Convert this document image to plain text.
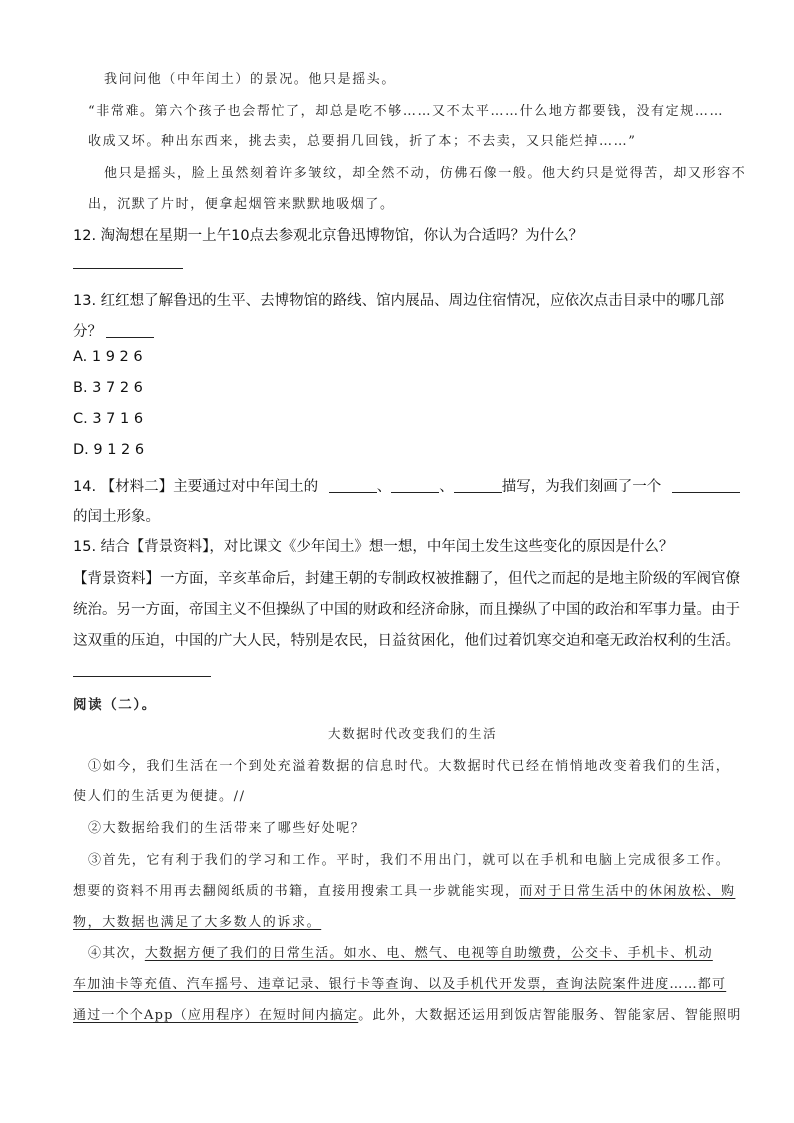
我问问他（中年闰土）的景况。他只是摇头。
“非常难。第六个孩子也会帮忙了，却总是吃不够……又不太平……什么地方都要钱，没有定规……
收成又坏。种出东西来，挑去卖，总要捐几回钱，折了本；不去卖，又只能烂掉……”
他只是摇头，脸上虽然刻着许多皱纹，却全然不动，仿佛石像一般。他大约只是觉得苦，却又形容不
出，沉默了片时，便拿起烟管来默默地吸烟了。
12. 淘淘想在星期一上午10点去参观北京鲁迅博物馆，你认为合适吗？为什么？
13. 红红想了解鲁迅的生平、去博物馆的路线、馆内展品、周边住宿情况，应依次点击目录中的哪几部
分？
A. 1 9 2 6
B. 3 7 2 6
C. 3 7 1 6
D. 9 1 2 6
14. 【材料二】主要通过对中年闰土的	、	、	描写，为我们刻画了一个
的闰土形象。
15. 结合【背景资料】，对比课文《少年闰土》想一想，中年闰土发生这些变化的原因是什么？
【背景资料】一方面，辛亥革命后，封建王朝的专制政权被推翻了，但代之而起的是地主阶级的军阀官僚
统治。另一方面，帝国主义不但操纵了中国的财政和经济命脉，而且操纵了中国的政治和军事力量。由于
这双重的压迫，中国的广大人民，特别是农民，日益贫困化，他们过着饥寒交迫和毫无政治权利的生活。
阅读（二）。
大数据时代改变我们的生活
①如今，我们生活在一个到处充溢着数据的信息时代。大数据时代已经在悄悄地改变着我们的生活，
使人们的生活更为便捷。//
②大数据给我们的生活带来了哪些好处呢？
③首先，它有利于我们的学习和工作。平时，我们不用出门，就可以在手机和电脑上完成很多工作。
想要的资料不用再去翻阅纸质的书籍，直接用搜索工具一步就能实现，而对于日常生活中的休闲放松、购
物，大数据也满足了大多数人的诉求。
④其次，大数据方便了我们的日常生活。如水、电、燃气、电视等自助缴费，公交卡、手机卡、机动
车加油卡等充值、汽车摇号、违章记录、银行卡等查询、以及手机代开发票，查询法院案件进度……都可
通过一个个App（应用程序）在短时间内搞定。此外，大数据还运用到饭店智能服务、智能家居、智能照明
